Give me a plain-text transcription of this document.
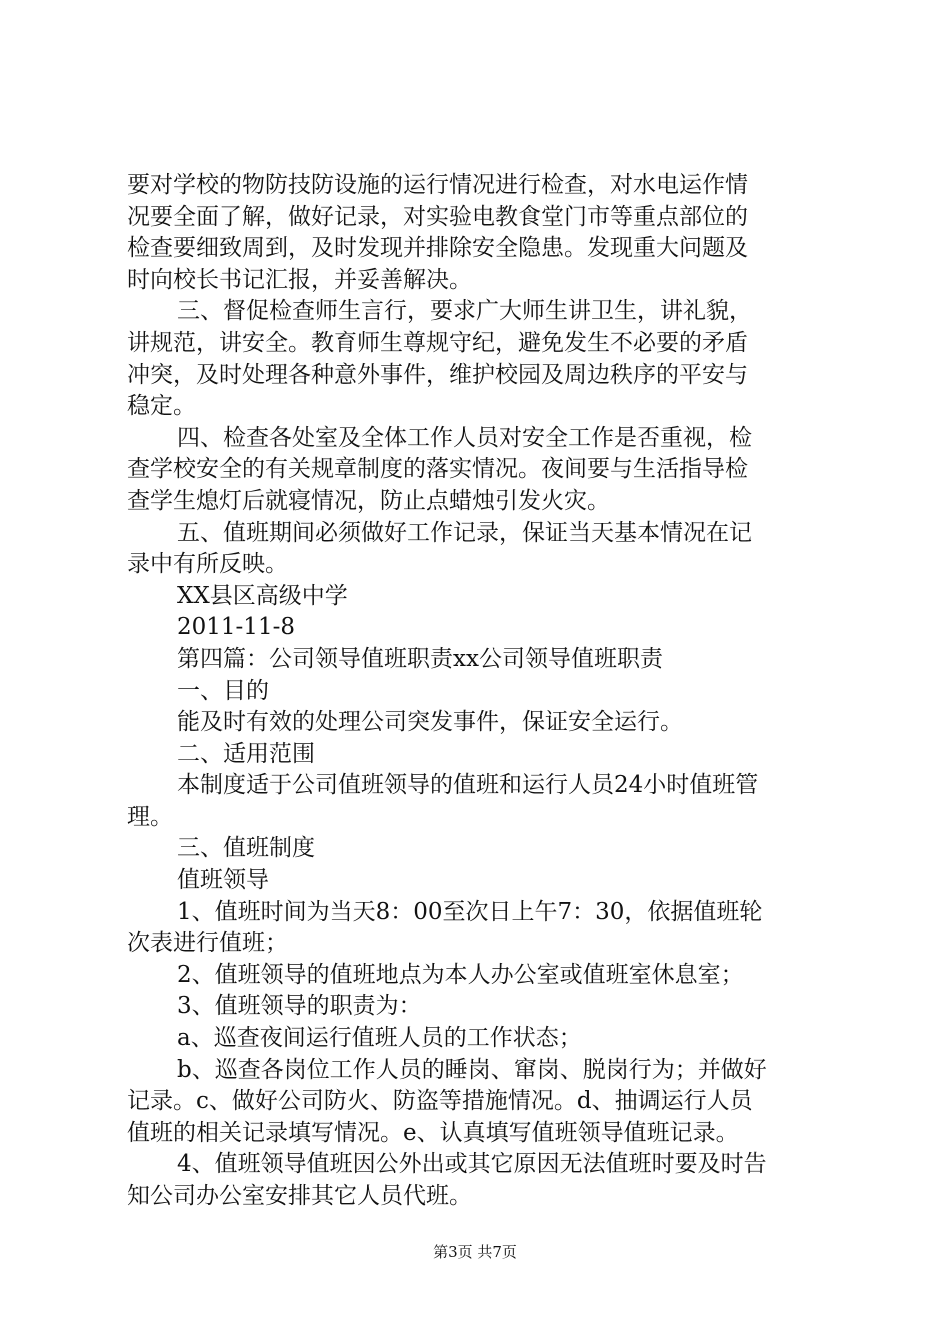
要对学校的物防技防设施的运行情况进行检查，对水电运作情
况要全面了解，做好记录，对实验电教食堂门市等重点部位的
检查要细致周到，及时发现并排除安全隐患。发现重大问题及
时向校长书记汇报，并妥善解决。
三、督促检查师生言行，要求广大师生讲卫生，讲礼貌，
讲规范，讲安全。教育师生尊规守纪，避免发生不必要的矛盾
冲突，及时处理各种意外事件，维护校园及周边秩序的平安与
稳定。
四、检查各处室及全体工作人员对安全工作是否重视，检
查学校安全的有关规章制度的落实情况。夜间要与生活指导检
查学生熄灯后就寝情况，防止点蜡烛引发火灾。
五、值班期间必须做好工作记录，保证当天基本情况在记
录中有所反映。
XX县区高级中学
2011-11-8
第四篇：公司领导值班职责xx公司领导值班职责
一、目的
能及时有效的处理公司突发事件，保证安全运行。
二、适用范围
本制度适于公司值班领导的值班和运行人员24小时值班管
理。
三、值班制度
值班领导
1、值班时间为当天8：00至次日上午7：30，依据值班轮
次表进行值班；
2、值班领导的值班地点为本人办公室或值班室休息室；
3、值班领导的职责为：
a、巡查夜间运行值班人员的工作状态；
b、巡查各岗位工作人员的睡岗、窜岗、脱岗行为；并做好
记录。c、做好公司防火、防盗等措施情况。d、抽调运行人员
值班的相关记录填写情况。e、认真填写值班领导值班记录。
4、值班领导值班因公外出或其它原因无法值班时要及时告
知公司办公室安排其它人员代班。
第3页 共7页
